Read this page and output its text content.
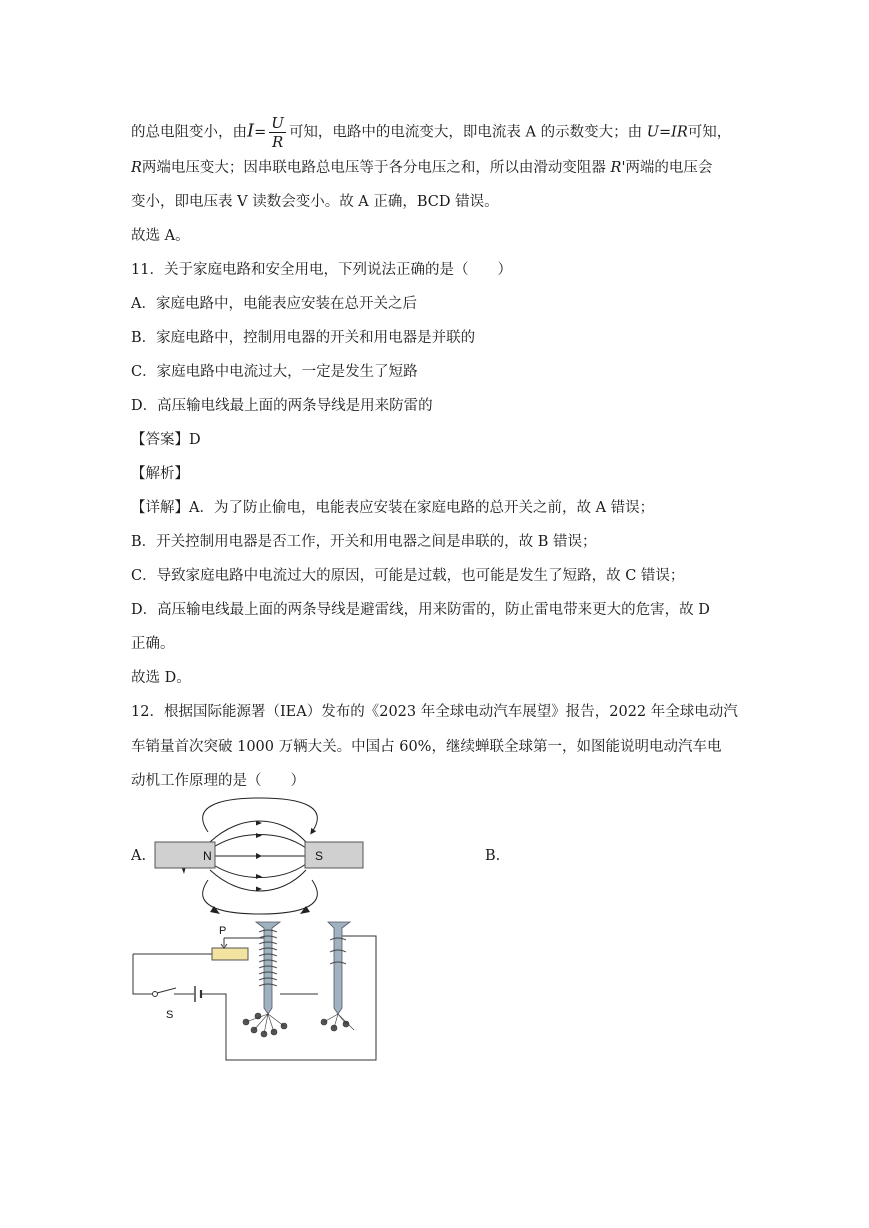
的总电阻变小，由$I= \frac{U}{R}$ 可知，电路中的电流变大，即电流表 A 的示数变大；由 U=IR可知，
R两端电压变大；因串联电路总电压等于各分电压之和，所以由滑动变阻器 R'两端的电压会
变小，即电压表 V 读数会变小。故 A 正确，BCD 错误。
故选 A。
11．关于家庭电路和安全用电，下列说法正确的是（　　）
A．家庭电路中，电能表应安装在总开关之后
B．家庭电路中，控制用电器的开关和用电器是并联的
C．家庭电路中电流过大，一定是发生了短路
D．高压输电线最上面的两条导线是用来防雷的
【答案】D
【解析】
【详解】A．为了防止偷电，电能表应安装在家庭电路的总开关之前，故 A 错误；
B．开关控制用电器是否工作，开关和用电器之间是串联的，故 B 错误；
C．导致家庭电路中电流过大的原因，可能是过载，也可能是发生了短路，故 C 错误；
D．高压输电线最上面的两条导线是避雷线，用来防雷的，防止雷电带来更大的危害，故 D
正确。
故选 D。
12．根据国际能源署（IEA）发布的《2023 年全球电动汽车展望》报告，2022 年全球电动汽
车销量首次突破 1000 万辆大关。中国占 60%，继续蝉联全球第一，如图能说明电动汽车电
动机工作原理的是（　　）
A.	B.
N	S
P
S
